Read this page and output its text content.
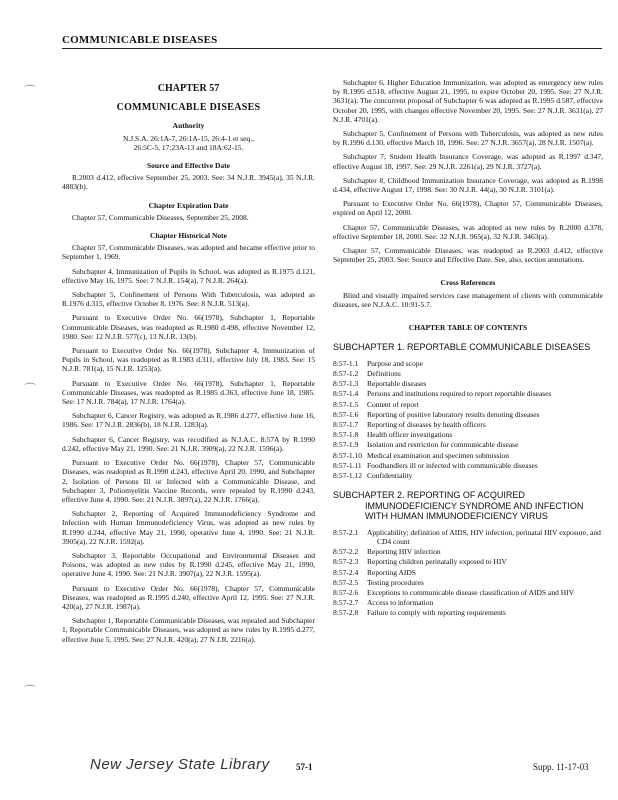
COMMUNICABLE DISEASES
⌒
⌒
⌒
CHAPTER 57
COMMUNICABLE DISEASES
Authority
N.J.S.A. 26:1A-7, 26:1A-15, 26:4-1 et seq.,
26:5C-5, 17:23A-13 and 18A:62-15.
Source and Effective Date

R.2003 d.412, effective September 25, 2003. See: 34 N.J.R. 3945(a), 35 N.J.R. 4883(b).

Chapter Expiration Date

Chapter 57, Communicable Diseases, September 25, 2008.

Chapter Historical Note

Chapter 57, Communicable Diseases, was adopted and became effective prior to September 1, 1969.

Subchapter 4, Immunization of Pupils in School, was adopted as R.1975 d.121, effective May 16, 1975. See: 7 N.J.R. 154(a), 7 N.J.R. 264(a).

Subchapter 5, Confinement of Persons With Tuberculosis, was adopted as R.1976 d.315, effective October 8, 1976. See: 8 N.J.R. 513(a).

Pursuant to Executive Order No. 66(1978), Subchapter 1, Reportable Communicable Diseases, was readopted as R.1980 d.498, effective November 12, 1980. See: 12 N.J.R. 577(c), 13 N.J.R. 13(b).

Pursuant to Executive Order No. 66(1978), Subchapter 4, Immunization of Pupils in School, was readopted as R.1983 d.311, effective July 18, 1983. See: 15 N.J.R. 781(a), 15 N.J.R. 1253(a).

Pursuant to Executive Order No. 66(1978), Subchapter 1, Reportable Communicable Diseases, was readopted as R.1985 d.363, effective June 18, 1985. See: 17 N.J.R. 784(a), 17 N.J.R. 1764(a).

Subchapter 6, Cancer Registry, was adopted as R.1986 d.277, effective June 16, 1986. See: 17 N.J.R. 2836(b), 18 N.J.R. 1283(a).

Subchapter 6, Cancer Registry, was recodified as N.J.A.C. 8:57A by R.1990 d.242, effective May 21, 1990. See: 21 N.J.R. 3909(a), 22 N.J.R. 1596(a).

Pursuant to Executive Order No. 66(1978), Chapter 57, Communicable Diseases, was readopted as R.1990 d.243, effective April 20, 1990, and Subchapter 2, Isolation of Persons Ill or Infected with a Communicable Disease, and Subchapter 3, Poliomyelitis Vaccine Records, were repealed by R.1990 d.243, effective June 4, 1990. See: 21 N.J.R. 3897(a), 22 N.J.R. 1766(a).

Subchapter 2, Reporting of Acquired Immunodeficiency Syndrome and Infection with Human Immunodeficiency Virus, was adopted as new rules by R.1990 d.244, effective May 21, 1990, operative June 4, 1990. See: 21 N.J.R. 3905(a), 22 N.J.R. 1592(a).

Subchapter 3, Reportable Occupational and Environmental Diseases and Poisons, was adopted as new rules by R.1990 d.245, effective May 21, 1990, operative June 4, 1990. See: 21 N.J.R. 3907(a), 22 N.J.R. 1595(a).

Pursuant to Executive Order No. 66(1978), Chapter 57, Communicable Diseases, was readopted as R.1995 d.240, effective April 12, 1995. See: 27 N.J.R. 420(a), 27 N.J.R. 1987(a).

Subchapter 1, Reportable Communicable Diseases, was repealed and Subchapter 1, Reportable Communicable Diseases, was adopted as new rules by R.1995 d.277, effective June 5, 1995. See: 27 N.J.R. 420(a), 27 N.J.R. 2216(a).

Subchapter 6, Higher Education Immunization, was adopted as emergency new rules by R.1995 d.518, effective August 21, 1995, to expire October 20, 1995. See: 27 N.J.R. 3631(a). The concurrent proposal of Subchapter 6 was adopted as R.1995 d.587, effective October 20, 1995, with changes effective November 20, 1995. See: 27 N.J.R. 3631(a), 27 N.J.R. 4701(a).

Subchapter 5, Confinement of Persons with Tuberculosis, was adopted as new rules by R.1996 d.130, effective March 18, 1996. See: 27 N.J.R. 3657(a), 28 N.J.R. 1507(a).

Subchapter 7, Student Health Insurance Coverage, was adopted as R.1997 d.347, effective August 18, 1997. See: 29 N.J.R. 2261(a), 29 N.J.R. 3727(a).

Subchapter 8, Childhood Immunization Insurance Coverage, was adopted as R.1998 d.434, effective August 17, 1998. See: 30 N.J.R. 44(a), 30 N.J.R. 3101(a).

Pursuant to Executive Order No. 66(1978), Chapter 57, Communicable Diseases, expired on April 12, 2000.

Chapter 57, Communicable Diseases, was adopted as new rules by R.2000 d.378, effective September 18, 2000. See: 32 N.J.R. 965(a), 32 N.J.R. 3463(a).

Chapter 57, Communicable Diseases, was readopted as R.2003 d.412, effective September 25, 2003. See: Source and Effective Date. See, also, section annotations.

Cross References

Blind and visually impaired services case management of clients with communicable diseases, see N.J.A.C. 10:91-5.7.

CHAPTER TABLE OF CONTENTS
SUBCHAPTER 1. REPORTABLE COMMUNICABLE DISEASES
8:57-1.1	Purpose and scope
8:57-1.2	Definitions
8:57-1.3	Reportable diseases
8:57-1.4	Persons and institutions required to report reportable diseases
8:57-1.5	Content of report
8:57-1.6	Reporting of positive laboratory results denoting diseases
8:57-1.7	Reporting of diseases by health officers
8:57-1.8	Health officer investigations
8:57-1.9	Isolation and restriction for communicable disease
8:57-1.10 Medical examination and specimen submission
8:57-1.11 Foodhandlers ill or infected with communicable diseases
8:57-1.12 Confidentiality
SUBCHAPTER 2. REPORTING OF ACQUIRED IMMUNODEFICIENCY SYNDROME AND INFECTION WITH HUMAN IMMUNODEFICIENCY VIRUS
8:57-2.1	Applicability; definition of AIDS, HIV infection, perinatal HIV exposure, and CD4 count
8:57-2.2	Reporting HIV infection
8:57-2.3	Reporting children perinatally exposed to HIV
8:57-2.4	Reporting AIDS
8:57-2.5	Testing procedures
8:57-2.6	Exceptions to communicable disease classification of AIDS and HIV
8:57-2.7	Access to information
8:57-2.8	Failure to comply with reporting requirements
New Jersey State Library	57-1	Supp. 11-17-03
